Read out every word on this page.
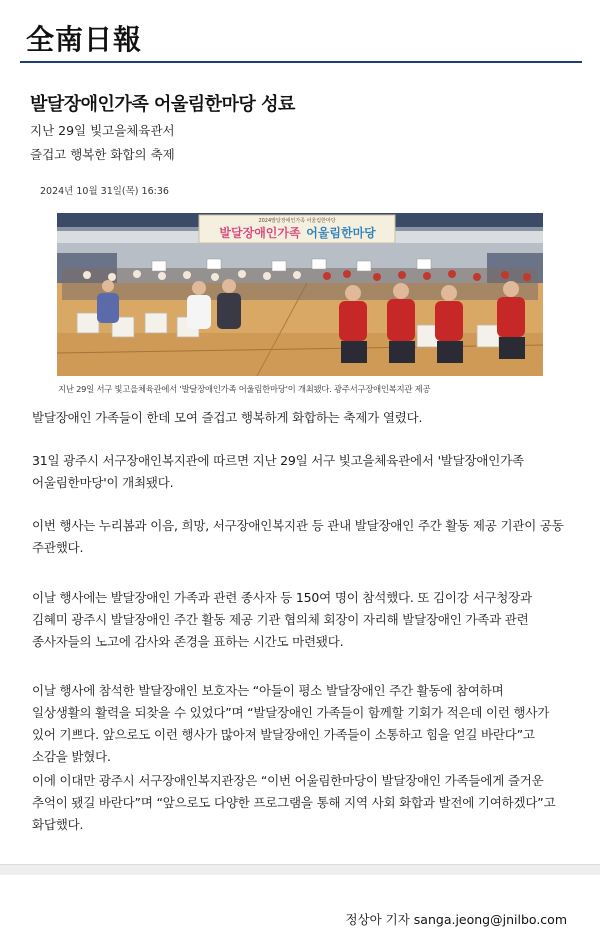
全南日報
발달장애인가족 어울림한마당 성료
지난 29일 빛고을체육관서
즐겁고 행복한 화합의 축제
2024년 10월 31일(목) 16:36
2024발달장애인가족 어울림한마당
발달장애인가족 어울림한마당
지난 29일 서구 빛고을체육관에서 '발달장애인가족 어울림한마당'이 개최됐다. 광주서구장애인복지관 제공

발달장애인 가족들이 한데 모여 즐겁고 행복하게 화합하는 축제가 열렸다.

31일 광주시 서구장애인복지관에 따르면 지난 29일 서구 빛고을체육관에서 '발달장애인가족 어울림한마당'이 개최됐다.

이번 행사는 누리봄과 이음, 희망, 서구장애인복지관 등 관내 발달장애인 주간 활동 제공 기관이 공동 주관했다.

이날 행사에는 발달장애인 가족과 관련 종사자 등 150여 명이 참석했다. 또 김이강 서구청장과 김혜미 광주시 발달장애인 주간 활동 제공 기관 협의체 회장이 자리해 발달장애인 가족과 관련 종사자들의 노고에 감사와 존경을 표하는 시간도 마련됐다.

이날 행사에 참석한 발달장애인 보호자는 “아들이 평소 발달장애인 주간 활동에 참여하며 일상생활의 활력을 되찾을 수 있었다”며 “발달장애인 가족들이 함께할 기회가 적은데 이런 행사가 있어 기쁘다. 앞으로도 이런 행사가 많아져 발달장애인 가족들이 소통하고 힘을 얻길 바란다”고 소감을 밝혔다.

이에 이대만 광주시 서구장애인복지관장은 “이번 어울림한마당이 발달장애인 가족들에게 즐거운 추억이 됐길 바란다”며 “앞으로도 다양한 프로그램을 통해 지역 사회 화합과 발전에 기여하겠다”고 화답했다.

정상아 기자 sanga.jeong@jnilbo.com
